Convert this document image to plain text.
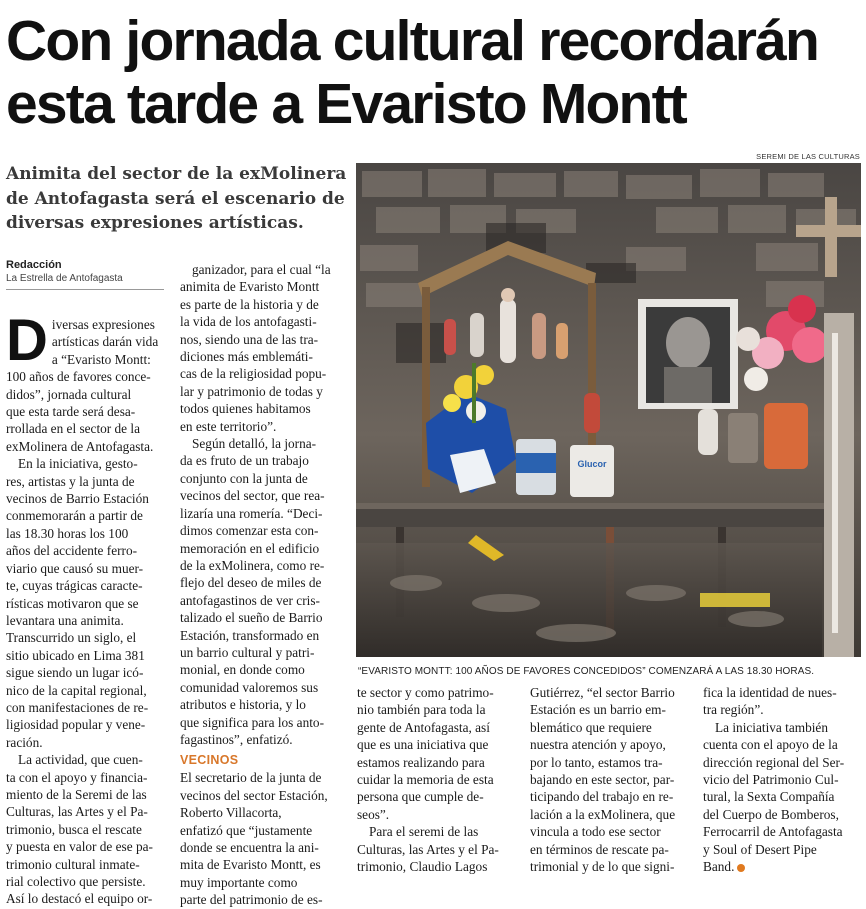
Con jornada cultural recordarán
esta tarde a Evaristo Montt

Animita del sector de la exMolinera
de Antofagasta será el escenario de
diversas expresiones artísticas.

Redacción
La Estrella de Antofagasta
SEREMI DE LAS CULTURAS
Glucor
“EVARISTO MONTT: 100 AÑOS DE FAVORES CONCEDIDOS” COMENZARÁ A LAS 18.30 HORAS.
D iversas expresiones
artísticas darán vida
a “Evaristo Montt:
100 años de favores conce-
didos”, jornada cultural
que esta tarde será desa-
rrollada en el sector de la
exMolinera de Antofagasta.
En la iniciativa, gesto-
res, artistas y la junta de
vecinos de Barrio Estación
conmemorarán a partir de
las 18.30 horas los 100
años del accidente ferro-
viario que causó su muer-
te, cuyas trágicas caracte-
rísticas motivaron que se
levantara una animita.
Transcurrido un siglo, el
sitio ubicado en Lima 381
sigue siendo un lugar icó-
nico de la capital regional,
con manifestaciones de re-
ligiosidad popular y vene-
ración.
La actividad, que cuen-
ta con el apoyo y financia-
miento de la Seremi de las
Culturas, las Artes y el Pa-
trimonio, busca el rescate
y puesta en valor de ese pa-
trimonio cultural inmate-
rial colectivo que persiste.
Así lo destacó el equipo or-

ganizador, para el cual “la
animita de Evaristo Montt
es parte de la historia y de
la vida de los antofagasti-
nos, siendo una de las tra-
diciones más emblemáti-
cas de la religiosidad popu-
lar y patrimonio de todas y
todos quienes habitamos
en este territorio”.
Según detalló, la jorna-
da es fruto de un trabajo
conjunto con la junta de
vecinos del sector, que rea-
lizaría una romería. “Deci-
dimos comenzar esta con-
memoración en el edificio
de la exMolinera, como re-
flejo del deseo de miles de
antofagastinos de ver cris-
talizado el sueño de Barrio
Estación, transformado en
un barrio cultural y patri-
monial, en donde como
comunidad valoremos sus
atributos e historia, y lo
que significa para los anto-
fagastinos”, enfatizó.

VECINOS

El secretario de la junta de
vecinos del sector Estación,
Roberto Villacorta,
enfatizó que “justamente
donde se encuentra la ani-
mita de Evaristo Montt, es
muy importante como
parte del patrimonio de es-

te sector y como patrimo-
nio también para toda la
gente de Antofagasta, así
que es una iniciativa que
estamos realizando para
cuidar la memoria de esta
persona que cumple de-
seos”.
Para el seremi de las
Culturas, las Artes y el Pa-
trimonio, Claudio Lagos

Gutiérrez, “el sector Barrio
Estación es un barrio em-
blemático que requiere
nuestra atención y apoyo,
por lo tanto, estamos tra-
bajando en este sector, par-
ticipando del trabajo en re-
lación a la exMolinera, que
vincula a todo ese sector
en términos de rescate pa-
trimonial y de lo que signi-

fica la identidad de nues-
tra región”.
La iniciativa también
cuenta con el apoyo de la
dirección regional del Ser-
vicio del Patrimonio Cul-
tural, la Sexta Compañía
del Cuerpo de Bomberos,
Ferrocarril de Antofagasta
y Soul of Desert Pipe
Band.
